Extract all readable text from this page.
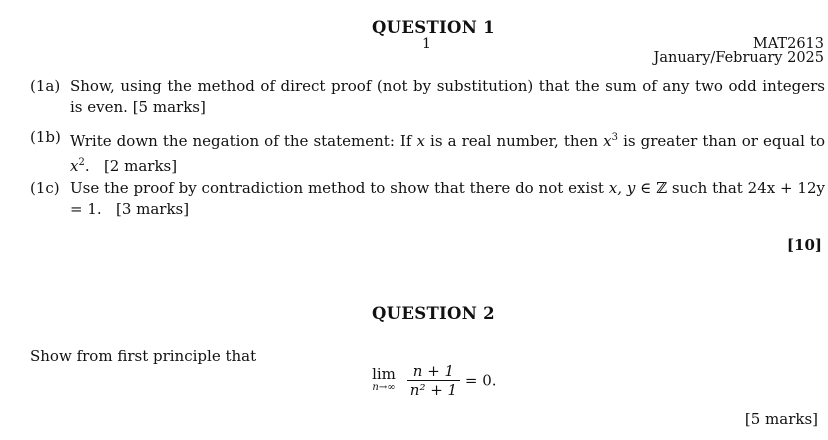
QUESTION 1
1	MAT2613
January/February 2025
(1a) Show, using the method of direct proof (not by substitution) that the sum of any two odd integers is even. [5 marks]
(1b) Write down the negation of the statement: If x is a real number, then $x^3$ is greater than or equal to $x^2$. [2 marks]
(1c) Use the proof by contradiction method to show that there do not exist x, y ∈ ℤ such that 24x + 12y = 1. [3 marks]
[10]
QUESTION 2
Show from first principle that
lim
n→∞
$\frac{n + 1}{\text{n² + 1}} = 0$.
[5 marks]
